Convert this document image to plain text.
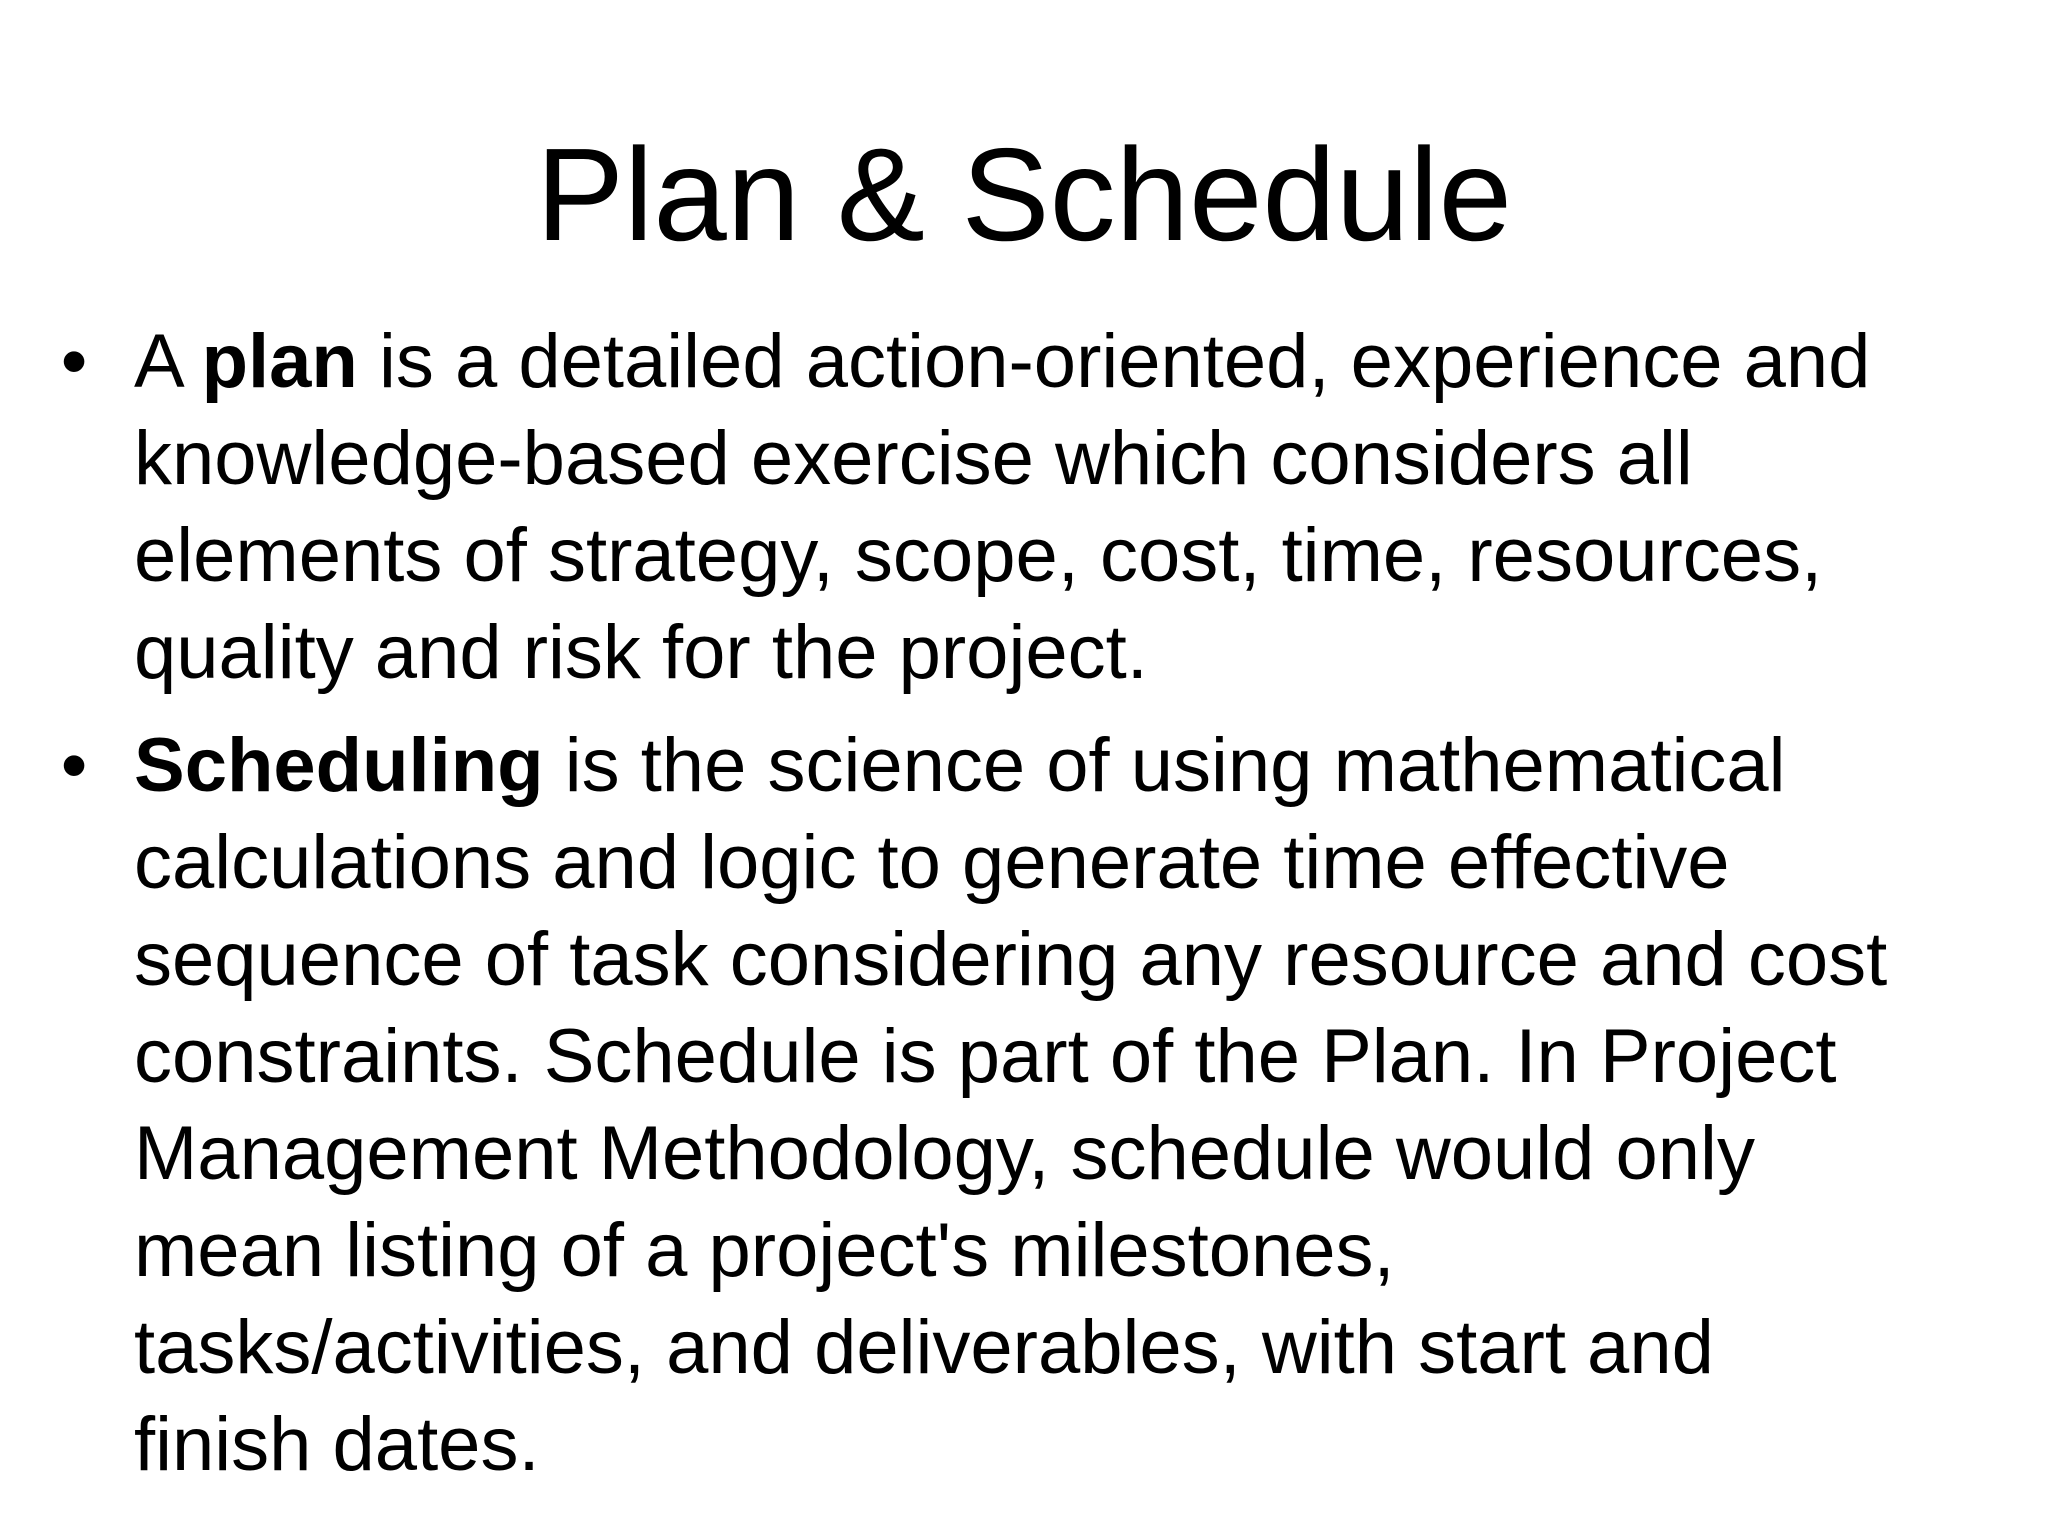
Plan & Schedule
• A plan is a detailed action-oriented, experience and
knowledge-based exercise which considers all
elements of strategy, scope, cost, time, resources,
quality and risk for the project.
• Scheduling is the science of using mathematical
calculations and logic to generate time effective
sequence of task considering any resource and cost
constraints. Schedule is part of the Plan. In Project
Management Methodology, schedule would only
mean listing of a project's milestones,
tasks/activities, and deliverables, with start and
finish dates.
